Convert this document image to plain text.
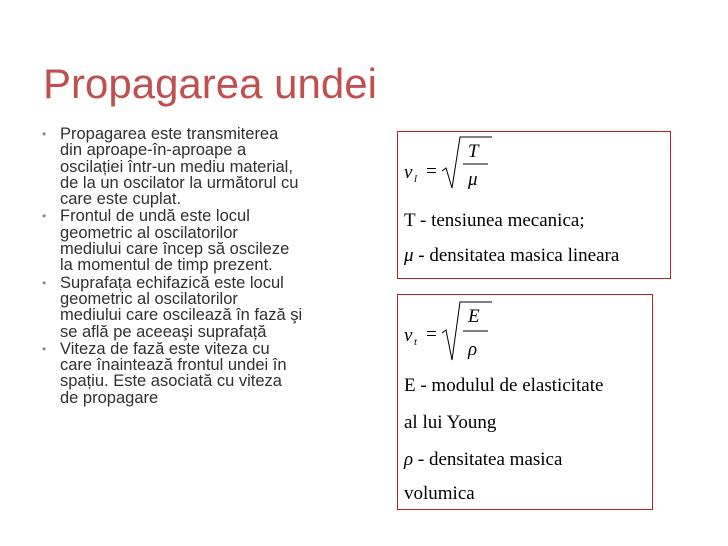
Propagarea undei
• Propagarea este transmiterea
din aproape-în-aproape a
oscilației într-un mediu material,
de la un oscilator la următorul cu
care este cuplat.
• Frontul de undă este locul
geometric al oscilatorilor
mediului care încep să oscileze
la momentul de timp prezent.
• Suprafața echifazică este locul
geometric al oscilatorilor
mediului care oscilează în fază şi
se află pe aceeaşi suprafață
• Viteza de fază este viteza cu
care înaintează frontul undei în
spațiu. Este asociată cu viteza
de propagare
v l =
T
μ
T - tensiunea mecanica;
μ - densitatea masica lineara
v t =
E
ρ
E - modulul de elasticitate
al lui Young
ρ - densitatea masica
volumica
